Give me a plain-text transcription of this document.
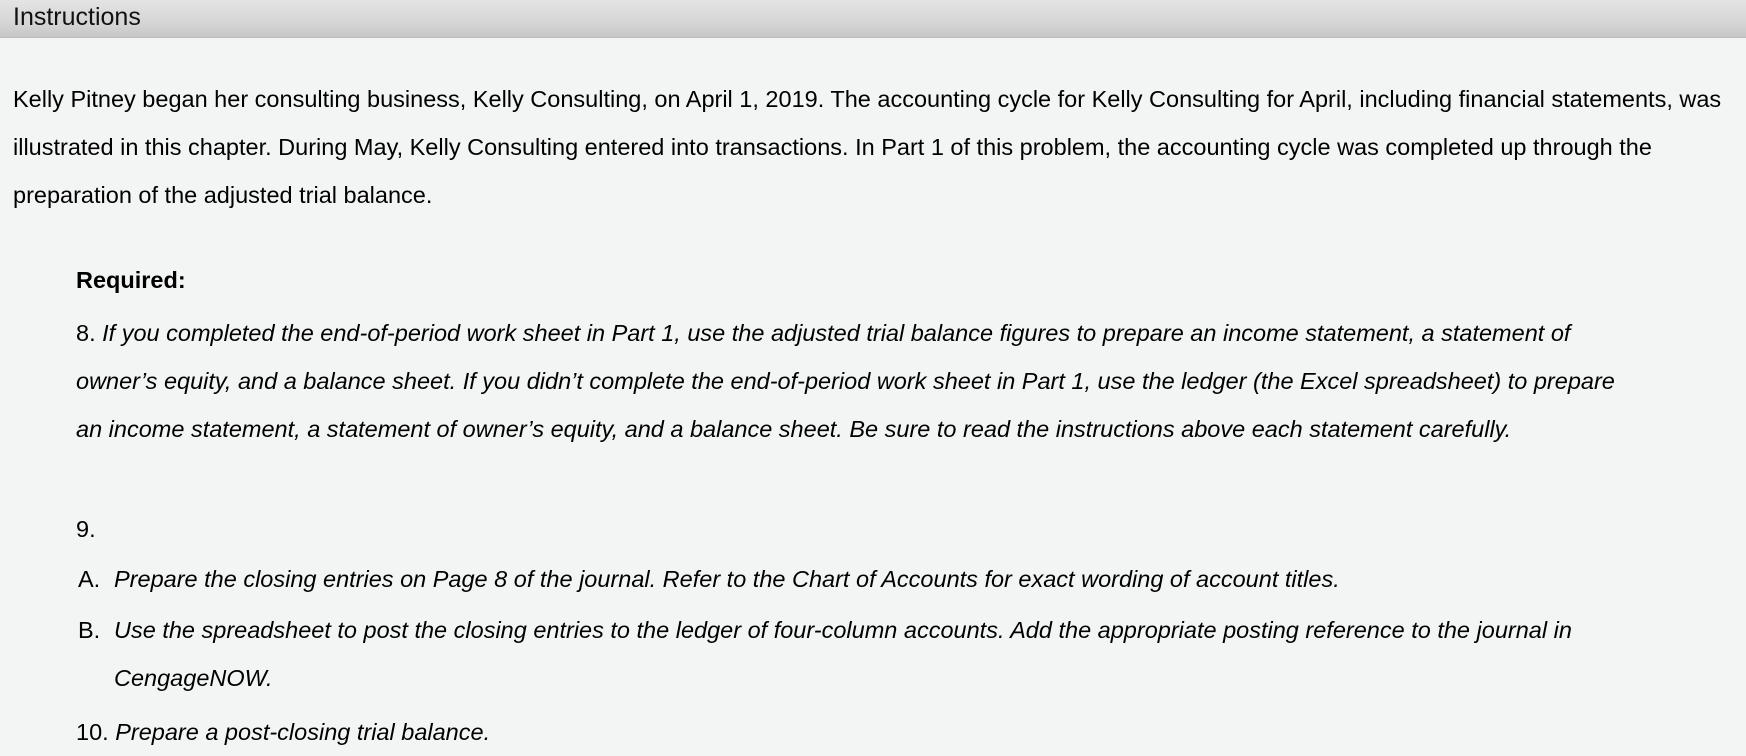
Instructions

Kelly Pitney began her consulting business, Kelly Consulting, on April 1, 2019. The accounting cycle for Kelly Consulting for April, including financial statements, was illustrated in this chapter. During May, Kelly Consulting entered into transactions. In Part 1 of this problem, the accounting cycle was completed up through the preparation of the adjusted trial balance.

Required:
8. If you completed the end-of-period work sheet in Part 1, use the adjusted trial balance figures to prepare an income statement, a statement of owner’s equity, and a balance sheet. If you didn’t complete the end-of-period work sheet in Part 1, use the ledger (the Excel spreadsheet) to prepare an income statement, a statement of owner’s equity, and a balance sheet. Be sure to read the instructions above each statement carefully.
9.
A. Prepare the closing entries on Page 8 of the journal. Refer to the Chart of Accounts for exact wording of account titles.
B. Use the spreadsheet to post the closing entries to the ledger of four-column accounts. Add the appropriate posting reference to the journal in CengageNOW.
10. Prepare a post-closing trial balance.
